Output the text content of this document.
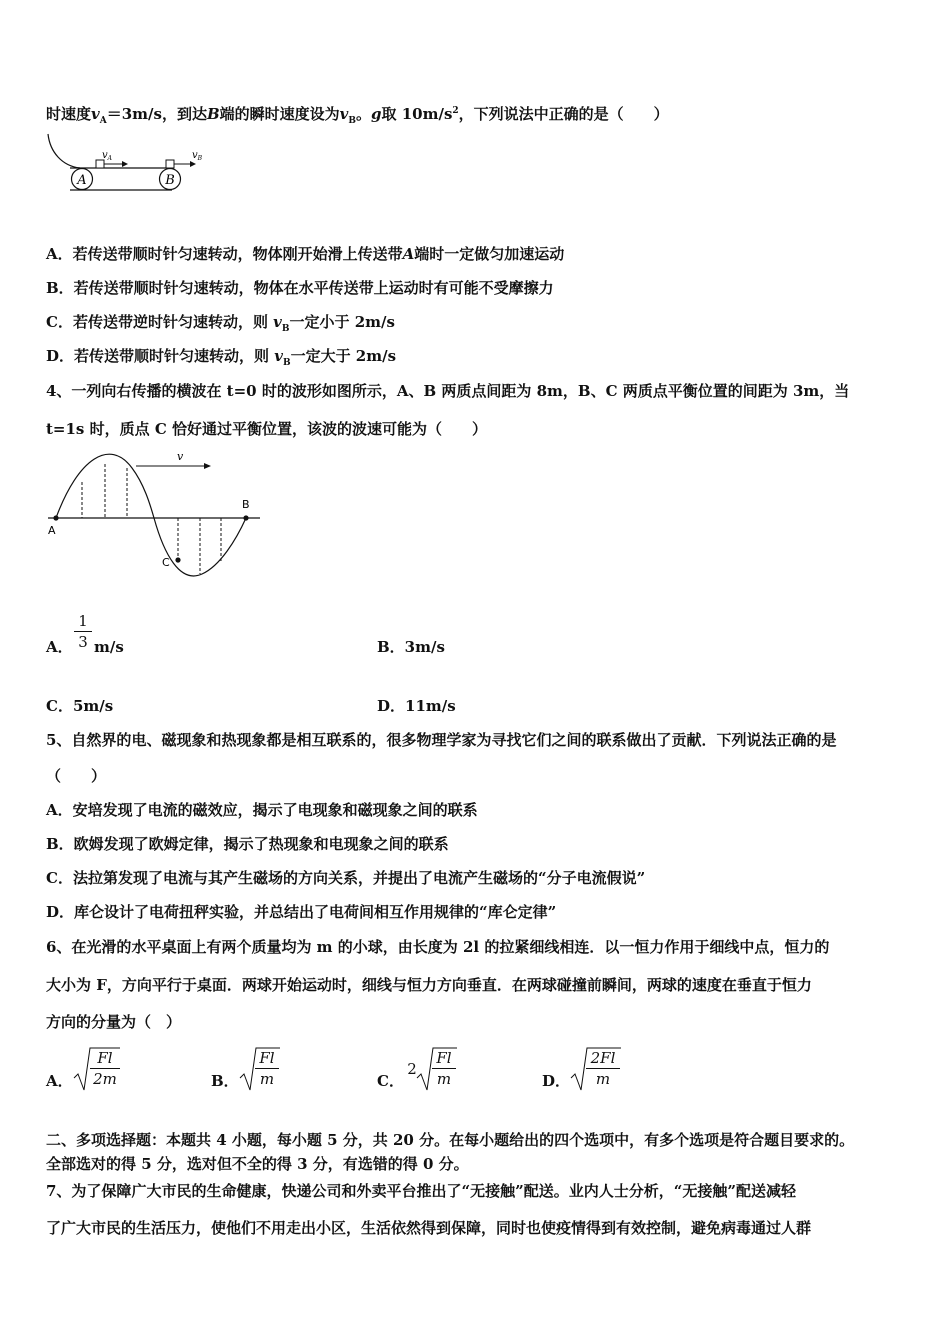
时速度$v_A=3m/s$，到达B端的瞬时速度设为$v_B$。g取 $10m/s^2$，下列说法中正确的是（　　）
A	B
$v_A$	$v_B$
A．若传送带顺时针匀速转动，物体刚开始滑上传送带A端时一定做匀加速运动
B．若传送带顺时针匀速转动，物体在水平传送带上运动时有可能不受摩擦力
C．若传送带逆时针匀速转动，则 $v_B$一定小于 2m/s
D．若传送带顺时针匀速转动，则 $v_B$一定大于 2m/s
4、一列向右传播的横波在 t=0 时的波形如图所示，A、B 两质点间距为 8m，B、C 两质点平衡位置的间距为 3m，当
t=1s 时，质点 C 恰好通过平衡位置，该波的波速可能为（　　）
A
B
C
v
A．
1
3 m/s	B．3m/s
C．5m/s	D．11m/s
5、自然界的电、磁现象和热现象都是相互联系的，很多物理学家为寻找它们之间的联系做出了贡献．下列说法正确的是
（　　）
A．安培发现了电流的磁效应，揭示了电现象和磁现象之间的联系
B．欧姆发现了欧姆定律，揭示了热现象和电现象之间的联系
C．法拉第发现了电流与其产生磁场的方向关系，并提出了电流产生磁场的“分子电流假说”
D．库仑设计了电荷扭秤实验，并总结出了电荷间相互作用规律的“库仑定律”
6、在光滑的水平桌面上有两个质量均为 m 的小球，由长度为 2l 的拉紧细线相连．以一恒力作用于细线中点，恒力的
大小为 F，方向平行于桌面．两球开始运动时，细线与恒力方向垂直．在两球碰撞前瞬间，两球的速度在垂直于恒力
方向的分量为（　）
A．
Fl
2m	B．
Fl
m	C．
2
Fl
m	D．
2Fl
m
二、多项选择题：本题共 4 小题，每小题 5 分，共 20 分。在每小题给出的四个选项中，有多个选项是符合题目要求的。
全部选对的得 5 分，选对但不全的得 3 分，有选错的得 0 分。
7、为了保障广大市民的生命健康，快递公司和外卖平台推出了“无接触”配送。业内人士分析，“无接触”配送减轻
了广大市民的生活压力，使他们不用走出小区，生活依然得到保障，同时也使疫情得到有效控制，避免病毒通过人群
